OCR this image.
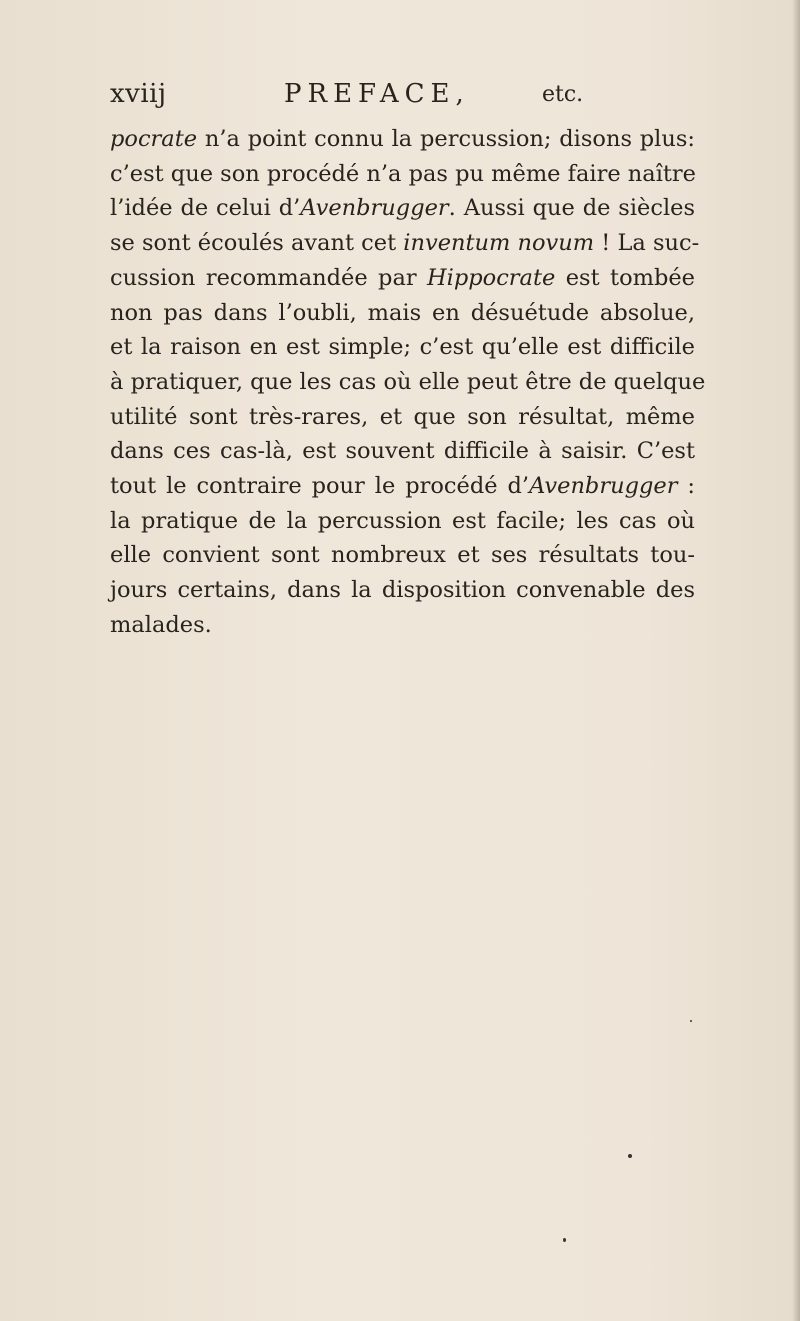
xviij	PREFACE,	etc.
pocrate n’a point connu la percussion; disons plus:
c’est que son procédé n’a pas pu même faire naître
l’idée de celui d’Avenbrugger. Aussi que de siècles
se sont écoulés avant cet inventum novum ! La suc-
cussion recommandée par Hippocrate est tombée
non pas dans l’oubli, mais en désuétude absolue,
et la raison en est simple; c’est qu’elle est difficile
à pratiquer, que les cas où elle peut être de quelque
utilité sont très-rares, et que son résultat, même
dans ces cas-là, est souvent difficile à saisir. C’est
tout le contraire pour le procédé d’Avenbrugger :
la pratique de la percussion est facile; les cas où
elle convient sont nombreux et ses résultats tou-
jours certains, dans la disposition convenable des
malades.
